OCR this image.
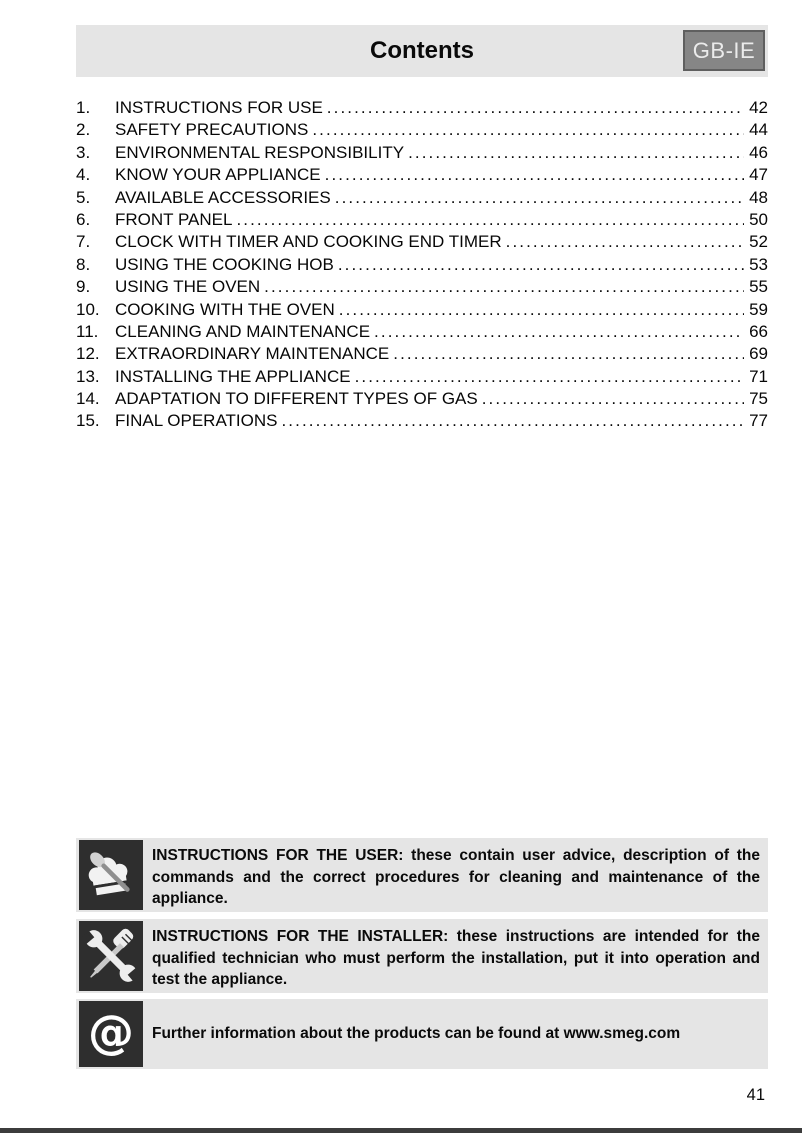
Contents	GB-IE
1.	INSTRUCTIONS FOR USE .....	42
2.	SAFETY PRECAUTIONS .....	44
3.	ENVIRONMENTAL RESPONSIBILITY .....	46
4.	KNOW YOUR APPLIANCE .....	47
5.	AVAILABLE ACCESSORIES .....	48
6.	FRONT PANEL .....	50
7.	CLOCK WITH TIMER AND COOKING END TIMER .....	52
8.	USING THE COOKING HOB .....	53
9.	USING THE OVEN .....	55
10. COOKING WITH THE OVEN .....	59
11. CLEANING AND MAINTENANCE .....	66
12. EXTRAORDINARY MAINTENANCE .....	69
13. INSTALLING THE APPLIANCE .....	71
14. ADAPTATION TO DIFFERENT TYPES OF GAS .....	75
15. FINAL OPERATIONS .....	77
INSTRUCTIONS FOR THE USER: these contain user advice, description of the commands and the correct procedures for cleaning and maintenance of the appliance.
INSTRUCTIONS FOR THE INSTALLER: these instructions are intended for the qualified technician who must perform the installation, put it into operation and test the appliance.
@ Further information about the products can be found at www.smeg.com
41
